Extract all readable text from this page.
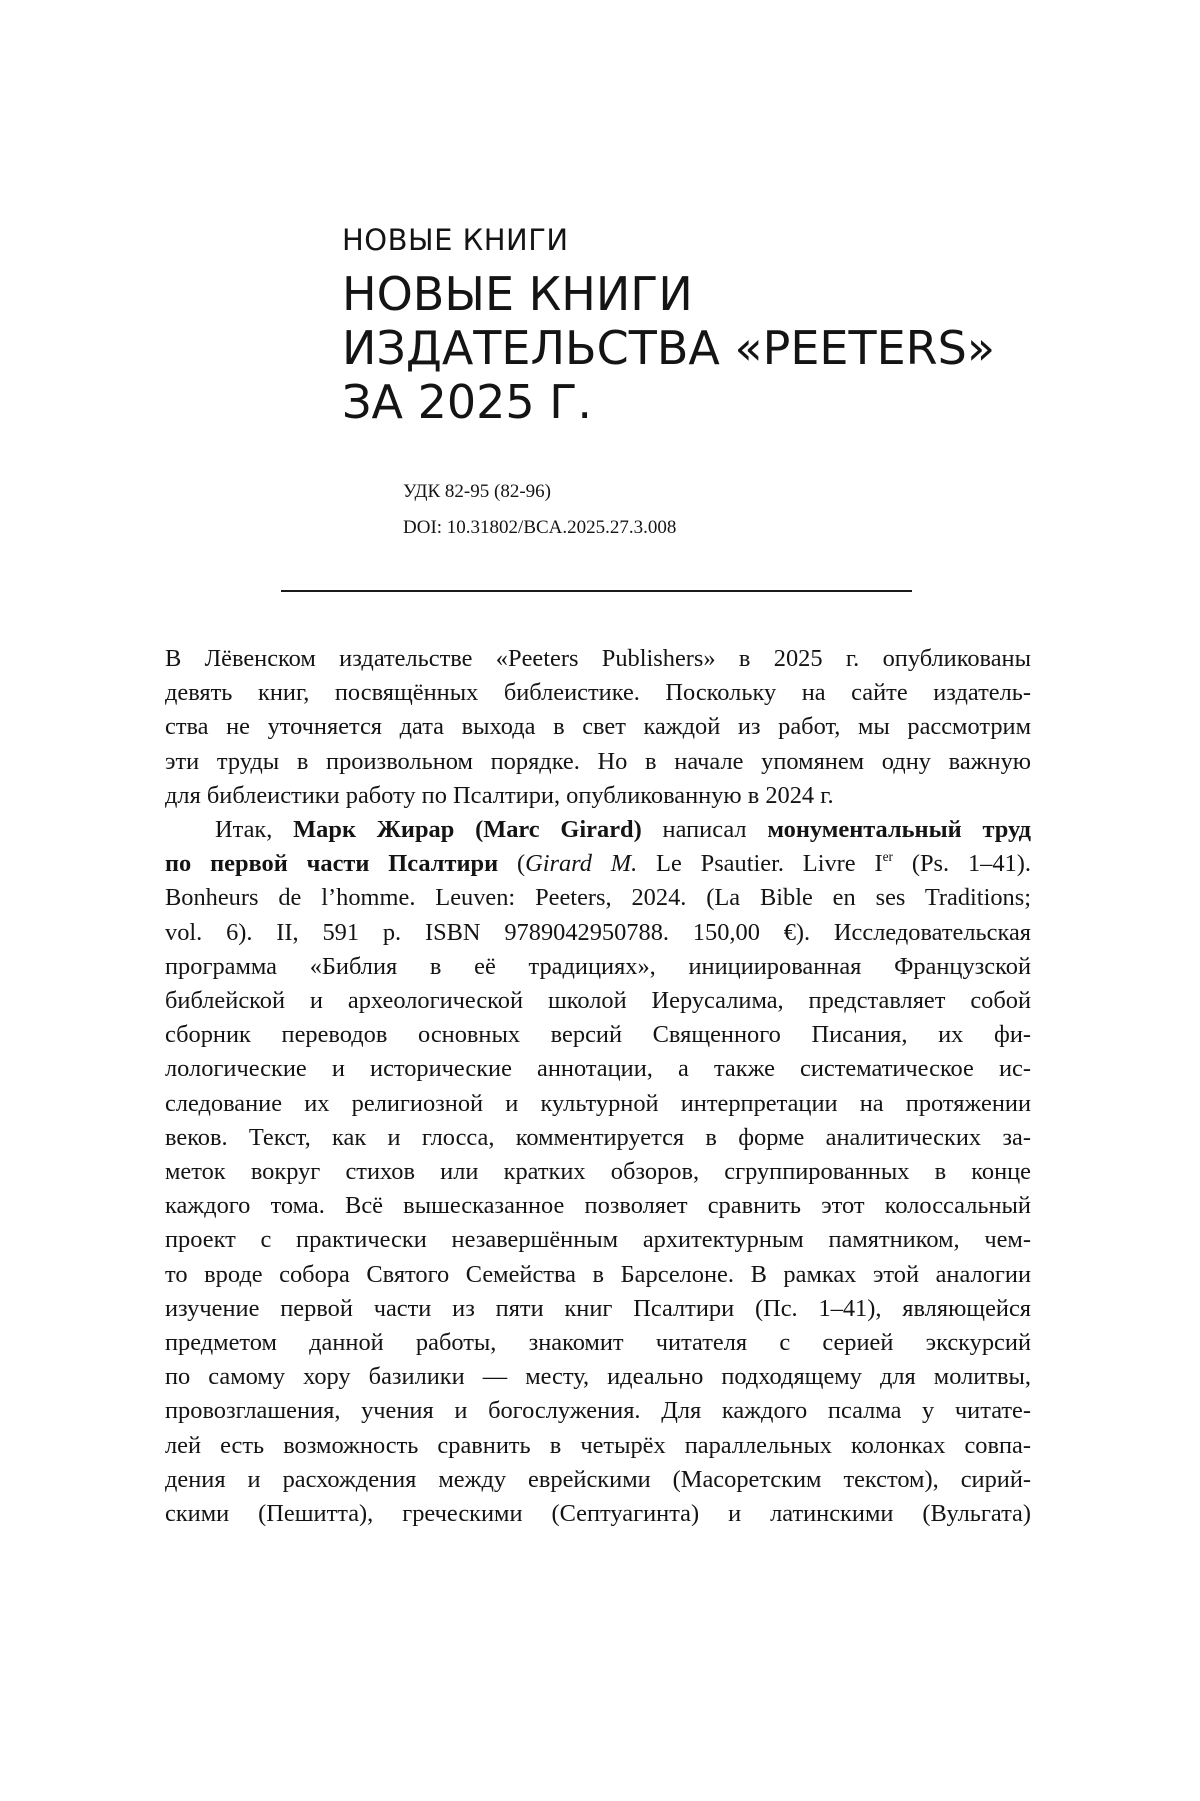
НОВЫЕ КНИГИ
НОВЫЕ КНИГИ
ИЗДАТЕЛЬСТВА «PEETERS»
ЗА 2025 Г.
УДК 82-95 (82-96)
DOI: 10.31802/BCA.2025.27.3.008

В Лёвенском издательстве «Peeters Publishers» в 2025 г. опубликованы
девять книг, посвящённых библеистике. Поскольку на сайте издатель-
ства не уточняется дата выхода в свет каждой из работ, мы рассмотрим
эти труды в произвольном порядке. Но в начале упомянем одну важную
для библеистики работу по Псалтири, опубликованную в 2024 г.

Итак, Марк Жирар (Marc Girard) написал монументальный труд
по первой части Псалтири (Girard M. Le Psautier. Livre Ier (Ps. 1–41).
Bonheurs de l’homme. Leuven: Peeters, 2024. (La Bible en ses Traditions;
vol. 6). II, 591 p. ISBN 9789042950788. 150,00 €). Исследовательская
программа «Библия в её традициях», инициированная Французской
библейской и археологической школой Иерусалима, представляет собой
сборник переводов основных версий Священного Писания, их фи-
лологические и исторические аннотации, а также систематическое ис-
следование их религиозной и культурной интерпретации на протяжении
веков. Текст, как и глосса, комментируется в форме аналитических за-
меток вокруг стихов или кратких обзоров, сгруппированных в конце
каждого тома. Всё вышесказанное позволяет сравнить этот колоссальный
проект с практически незавершённым архитектурным памятником, чем-
то вроде собора Святого Семейства в Барселоне. В рамках этой аналогии
изучение первой части из пяти книг Псалтири (Пс. 1–41), являющейся
предметом данной работы, знакомит читателя с серией экскурсий
по самому хору базилики — месту, идеально подходящему для молитвы,
провозглашения, учения и богослужения. Для каждого псалма у читате-
лей есть возможность сравнить в четырёх параллельных колонках совпа-
дения и расхождения между еврейскими (Масоретским текстом), сирий-
скими (Пешитта), греческими (Септуагинта) и латинскими (Вульгата)
